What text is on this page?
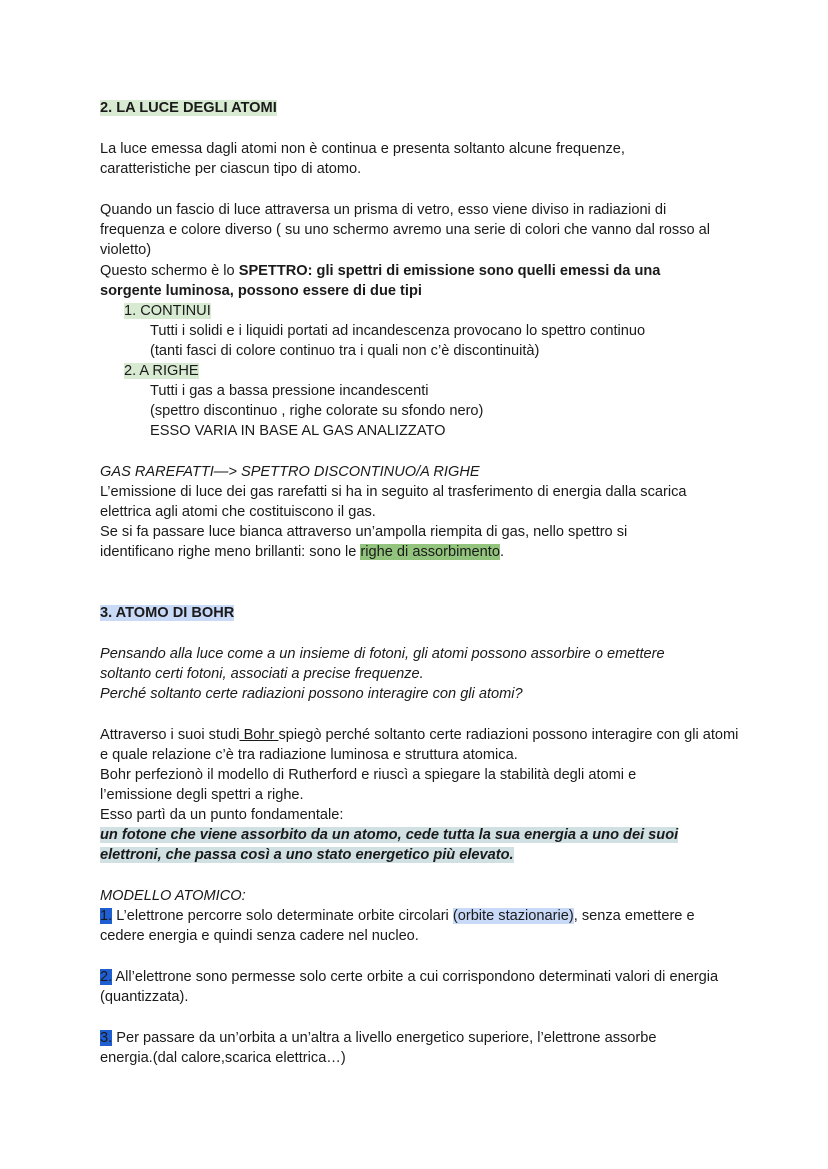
2. LA LUCE DEGLI ATOMI

La luce emessa dagli atomi non è continua e presenta soltanto alcune frequenze, caratteristiche per ciascun tipo di atomo.

Quando un fascio di luce attraversa un prisma di vetro, esso viene diviso in radiazioni di frequenza e colore diverso ( su uno schermo avremo una serie di colori che vanno dal rosso al violetto)

Questo schermo è lo SPETTRO: gli spettri di emissione sono quelli emessi da una sorgente luminosa, possono essere di due tipi

1. CONTINUI
Tutti i solidi e i liquidi portati ad incandescenza provocano lo spettro continuo
(tanti fasci di colore continuo tra i quali non c’è discontinuità)
2. A RIGHE
Tutti i gas a bassa pressione incandescenti
(spettro discontinuo , righe colorate su sfondo nero)
ESSO VARIA IN BASE AL GAS ANALIZZATO
GAS RAREFATTI—> SPETTRO DISCONTINUO/A RIGHE

L’emissione di luce dei gas rarefatti si ha in seguito al trasferimento di energia dalla scarica elettrica agli atomi che costituiscono il gas.

Se si fa passare luce bianca attraverso un’ampolla riempita di gas, nello spettro si identificano righe meno brillanti: sono le righe di assorbimento.

3. ATOMO DI BOHR

Pensando alla luce come a un insieme di fotoni, gli atomi possono assorbire o emettere soltanto certi fotoni, associati a precise frequenze.

Perché soltanto certe radiazioni possono interagire con gli atomi?

Attraverso i suoi studi Bohr spiegò perché soltanto certe radiazioni possono interagire con gli atomi e quale relazione c’è tra radiazione luminosa e struttura atomica.

Bohr perfezionò il modello di Rutherford e riuscì a spiegare la stabilità degli atomi e l’emissione degli spettri a righe.

Esso partì da un punto fondamentale:

un fotone che viene assorbito da un atomo, cede tutta la sua energia a uno dei suoi elettroni, che passa così a uno stato energetico più elevato.

MODELLO ATOMICO:

1. L’elettrone percorre solo determinate orbite circolari (orbite stazionarie), senza emettere e cedere energia e quindi senza cadere nel nucleo.

2. All’elettrone sono permesse solo certe orbite a cui corrispondono determinati valori di energia (quantizzata).

3. Per passare da un’orbita a un’altra a livello energetico superiore, l’elettrone assorbe energia.(dal calore,scarica elettrica…)
